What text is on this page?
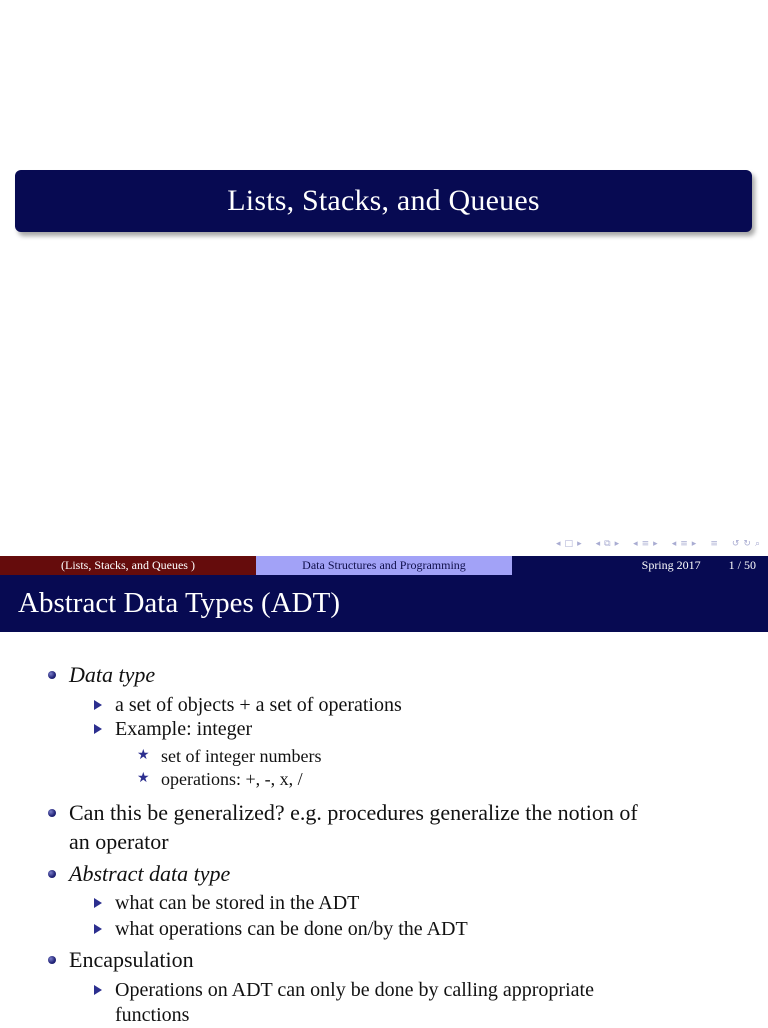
Lists, Stacks, and Queues
◂ □ ▸ ◂ ⧉ ▸ ◂ ≡ ▸ ◂ ≡ ▸ ≡ ↺ ↻ ⌕
(Lists, Stacks, and Queues )	Data Structures and Programming	Spring 2017 1 / 50
Abstract Data Types (ADT)
Data type
a set of objects + a set of operations
Example: integer
★ set of integer numbers
★ operations: +, -, x, /
Can this be generalized? e.g. procedures generalize the notion of
an operator
Abstract data type
what can be stored in the ADT
what operations can be done on/by the ADT
Encapsulation
Operations on ADT can only be done by calling appropriate
functions
